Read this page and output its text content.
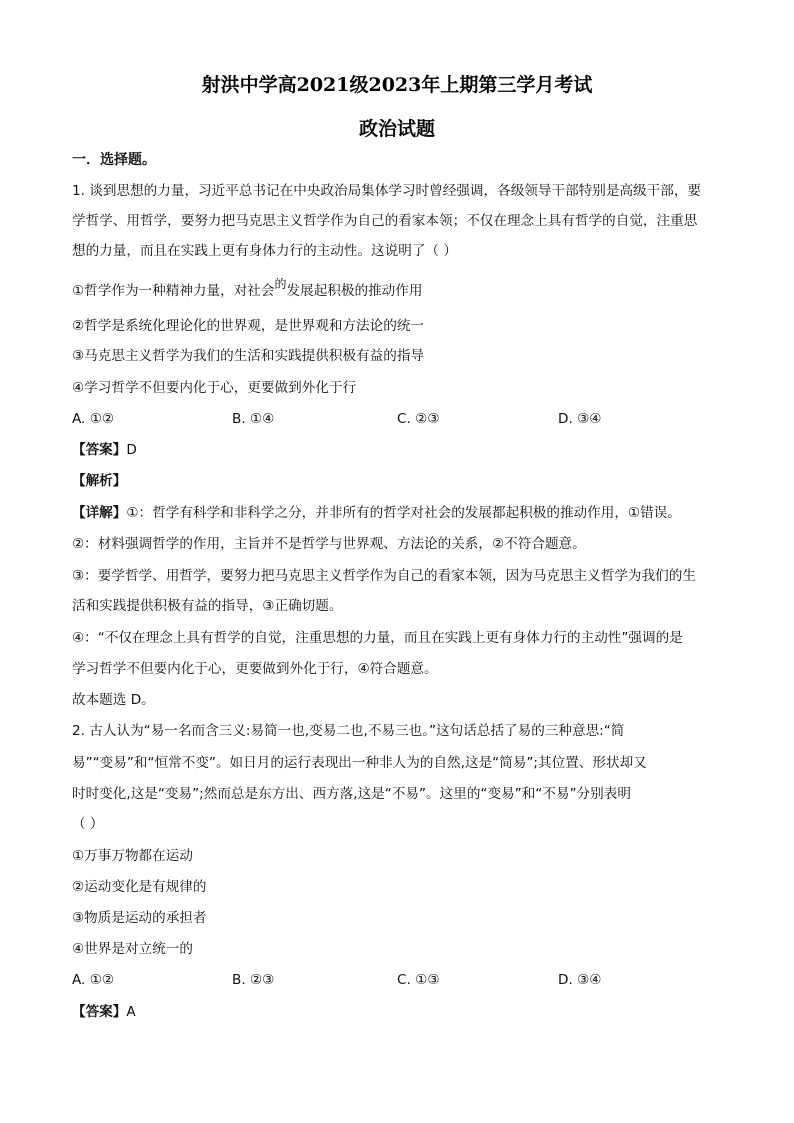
射洪中学高2021级2023年上期第三学月考试
政治试题
一．选择题。
1. 谈到思想的力量，习近平总书记在中央政治局集体学习时曾经强调，各级领导干部特别是高级干部，要
学哲学、用哲学，要努力把马克思主义哲学作为自己的看家本领；不仅在理念上具有哲学的自觉，注重思
想的力量，而且在实践上更有身体力行的主动性。这说明了（ ）
①哲学作为一种精神力量，对社会的发展起积极的推动作用
②哲学是系统化理论化的世界观，是世界观和方法论的统一
③马克思主义哲学为我们的生活和实践提供积极有益的指导
④学习哲学不但要内化于心，更要做到外化于行
A. ①②	B. ①④	C. ②③	D. ③④
【答案】D
【解析】
【详解】①：哲学有科学和非科学之分，并非所有的哲学对社会的发展都起积极的推动作用，①错误。
②：材料强调哲学的作用，主旨并不是哲学与世界观、方法论的关系，②不符合题意。
③：要学哲学、用哲学，要努力把马克思主义哲学作为自己的看家本领，因为马克思主义哲学为我们的生
活和实践提供积极有益的指导，③正确切题。
④：“不仅在理念上具有哲学的自觉，注重思想的力量，而且在实践上更有身体力行的主动性”强调的是
学习哲学不但要内化于心，更要做到外化于行，④符合题意。
故本题选 D。
2. 古人认为“易一名而含三义:易简一也,变易二也,不易三也。”这句话总括了易的三种意思:“简
易”“变易”和“恒常不变”。如日月的运行表现出一种非人为的自然,这是“简易”;其位置、形状却又
时时变化,这是“变易”;然而总是东方出、西方落,这是“不易”。这里的“变易”和“不易”分别表明
（ ）
①万事万物都在运动
②运动变化是有规律的
③物质是运动的承担者
④世界是对立统一的
A. ①②	B. ②③	C. ①③	D. ③④
【答案】A
